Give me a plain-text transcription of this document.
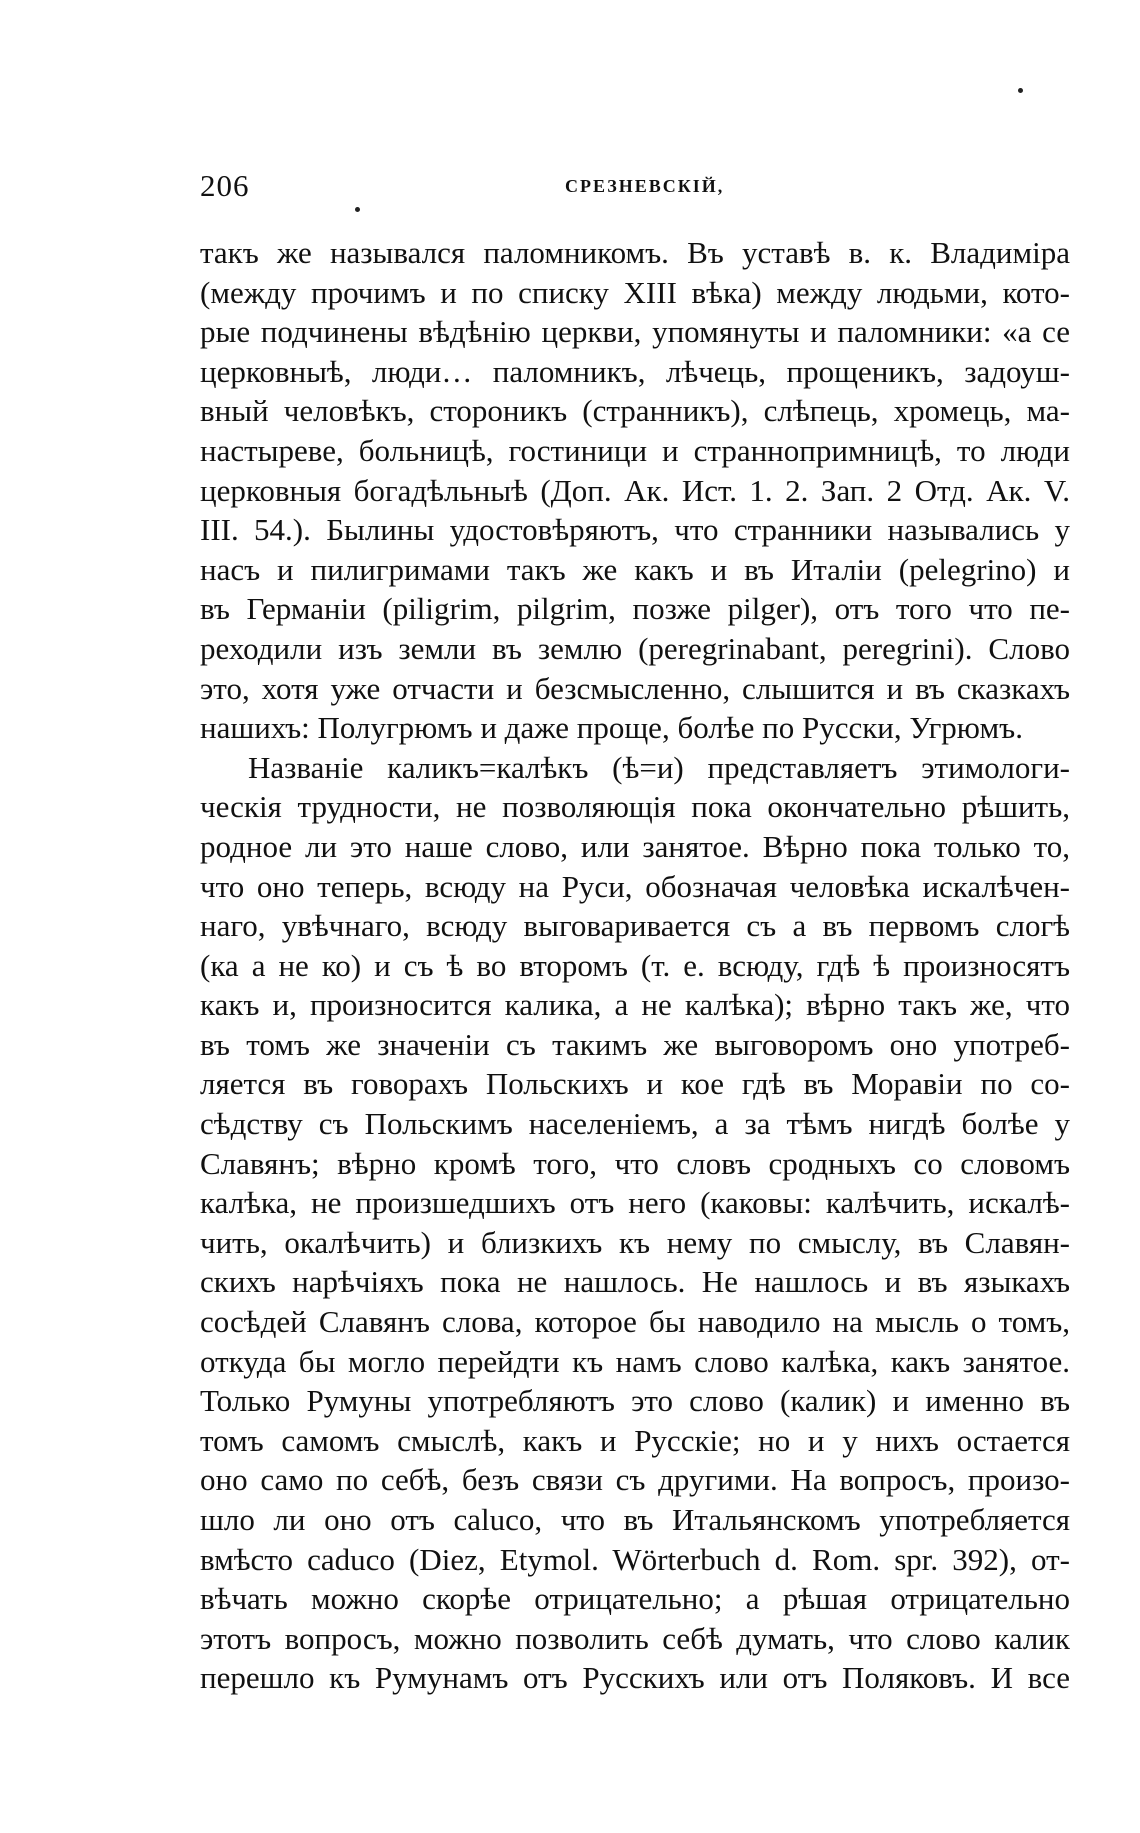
206	СРЕЗНЕВСКІЙ,
такъ же назывался паломникомъ. Въ уставѣ в. к. Владиміра
(между прочимъ и по списку XIII вѣка) между людьми, кото-
рые подчинены вѣдѣнію церкви, упомянуты и паломники: «а се
церковныѣ, люди… паломникъ, лѣчець, прощеникъ, задоуш-
вный человѣкъ, стороникъ (странникъ), слѣпець, хромець, ма-
настыреве, больницѣ, гостиници и страннопримницѣ, то люди
церковныя богадѣльныѣ (Доп. Ак. Ист. 1. 2. Зап. 2 Отд. Ак. V.
III. 54.). Былины удостовѣряютъ, что странники назывались у
насъ и пилигримами такъ же какъ и въ Италіи (pelegrino) и
въ Германіи (piligrim, pilgrim, позже pilger), отъ того что пе-
реходили изъ земли въ землю (peregrinabant, peregrini). Слово
это, хотя уже отчасти и безсмысленно, слышится и въ сказкахъ
нашихъ: Полугрюмъ и даже проще, болѣе по Русски, Угрюмъ.
Названіе каликъ=калѣкъ (ѣ=и) представляетъ этимологи-
ческія трудности, не позволяющія пока окончательно рѣшить,
родное ли это наше слово, или занятое. Вѣрно пока только то,
что оно теперь, всюду на Руси, обозначая человѣка искалѣчен-
наго, увѣчнаго, всюду выговаривается съ а въ первомъ слогѣ
(ка а не ко) и съ ѣ во второмъ (т. е. всюду, гдѣ ѣ произносятъ
какъ и, произносится калика, а не калѣка); вѣрно такъ же, что
въ томъ же значеніи съ такимъ же выговоромъ оно употреб-
ляется въ говорахъ Польскихъ и кое гдѣ въ Моравіи по со-
сѣдству съ Польскимъ населеніемъ, а за тѣмъ нигдѣ болѣе у
Славянъ; вѣрно кромѣ того, что словъ сродныхъ со словомъ
калѣка, не произшедшихъ отъ него (каковы: калѣчить, искалѣ-
чить, окалѣчить) и близкихъ къ нему по смыслу, въ Славян-
скихъ нарѣчіяхъ пока не нашлось. Не нашлось и въ языкахъ
сосѣдей Славянъ слова, которое бы наводило на мысль о томъ,
откуда бы могло перейдти къ намъ слово калѣка, какъ занятое.
Только Румуны употребляютъ это слово (калик) и именно въ
томъ самомъ смыслѣ, какъ и Русскіе; но и у нихъ остается
оно само по себѣ, безъ связи съ другими. На вопросъ, произо-
шло ли оно отъ caluco, что въ Итальянскомъ употребляется
вмѣсто caduco (Diez, Etymol. Wörterbuch d. Rom. spr. 392), от-
вѣчать можно скорѣе отрицательно; а рѣшая отрицательно
этотъ вопросъ, можно позволить себѣ думать, что слово калик
перешло къ Румунамъ отъ Русскихъ или отъ Поляковъ. И все
